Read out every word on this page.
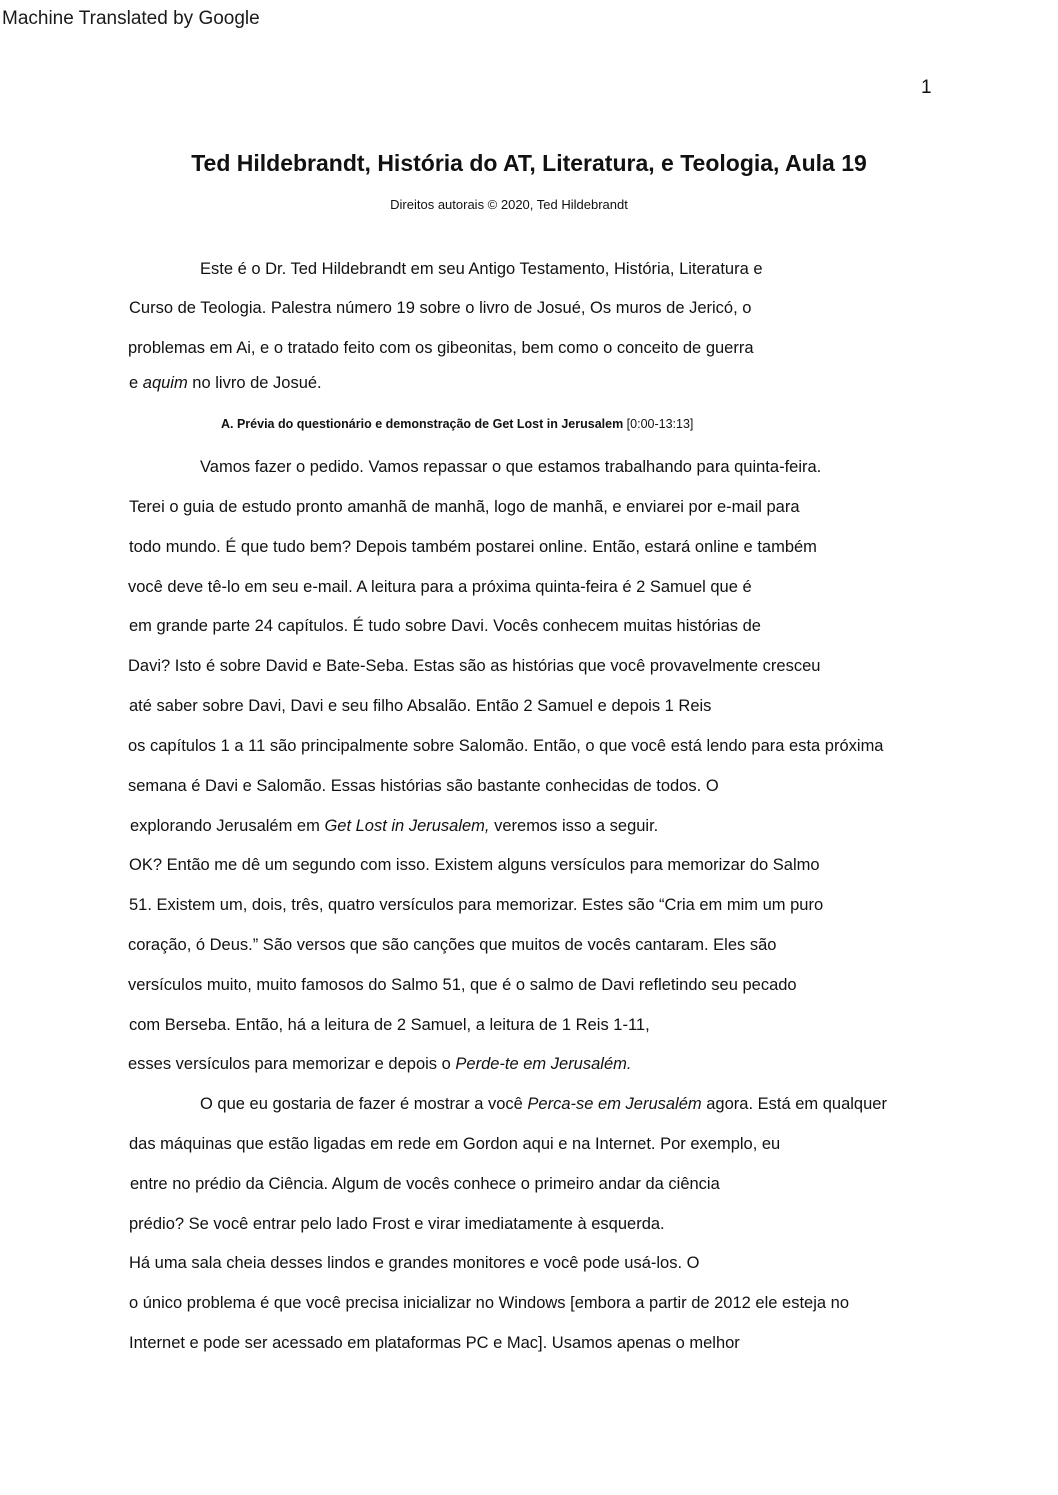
Machine Translated by Google
1
Ted Hildebrandt, História do AT, Literatura, e Teologia, Aula 19
Direitos autorais © 2020, Ted Hildebrandt
Este é o Dr. Ted Hildebrandt em seu Antigo Testamento, História, Literatura e
Curso de Teologia. Palestra número 19 sobre o livro de Josué, Os muros de Jericó, o
problemas em Ai, e o tratado feito com os gibeonitas, bem como o conceito de guerra
e aquim no livro de Josué.
A. Prévia do questionário e demonstração de Get Lost in Jerusalem [0:00-13:13]
Vamos fazer o pedido. Vamos repassar o que estamos trabalhando para quinta-feira.
Terei o guia de estudo pronto amanhã de manhã, logo de manhã, e enviarei por e-mail para
todo mundo. É que tudo bem? Depois também postarei online. Então, estará online e também
você deve tê-lo em seu e-mail. A leitura para a próxima quinta-feira é 2 Samuel que é
em grande parte 24 capítulos. É tudo sobre Davi. Vocês conhecem muitas histórias de
Davi? Isto é sobre David e Bate-Seba. Estas são as histórias que você provavelmente cresceu
até saber sobre Davi, Davi e seu filho Absalão. Então 2 Samuel e depois 1 Reis
os capítulos 1 a 11 são principalmente sobre Salomão. Então, o que você está lendo para esta próxima
semana é Davi e Salomão. Essas histórias são bastante conhecidas de todos. O
explorando Jerusalém em Get Lost in Jerusalem, veremos isso a seguir.
OK? Então me dê um segundo com isso. Existem alguns versículos para memorizar do Salmo
51. Existem um, dois, três, quatro versículos para memorizar. Estes são “Cria em mim um puro
coração, ó Deus.” São versos que são canções que muitos de vocês cantaram. Eles são
versículos muito, muito famosos do Salmo 51, que é o salmo de Davi refletindo seu pecado
com Berseba. Então, há a leitura de 2 Samuel, a leitura de 1 Reis 1-11,
esses versículos para memorizar e depois o Perde-te em Jerusalém.
O que eu gostaria de fazer é mostrar a você Perca-se em Jerusalém agora. Está em qualquer
das máquinas que estão ligadas em rede em Gordon aqui e na Internet. Por exemplo, eu
entre no prédio da Ciência. Algum de vocês conhece o primeiro andar da ciência
prédio? Se você entrar pelo lado Frost e virar imediatamente à esquerda.
Há uma sala cheia desses lindos e grandes monitores e você pode usá-los. O
o único problema é que você precisa inicializar no Windows [embora a partir de 2012 ele esteja no
Internet e pode ser acessado em plataformas PC e Mac]. Usamos apenas o melhor
